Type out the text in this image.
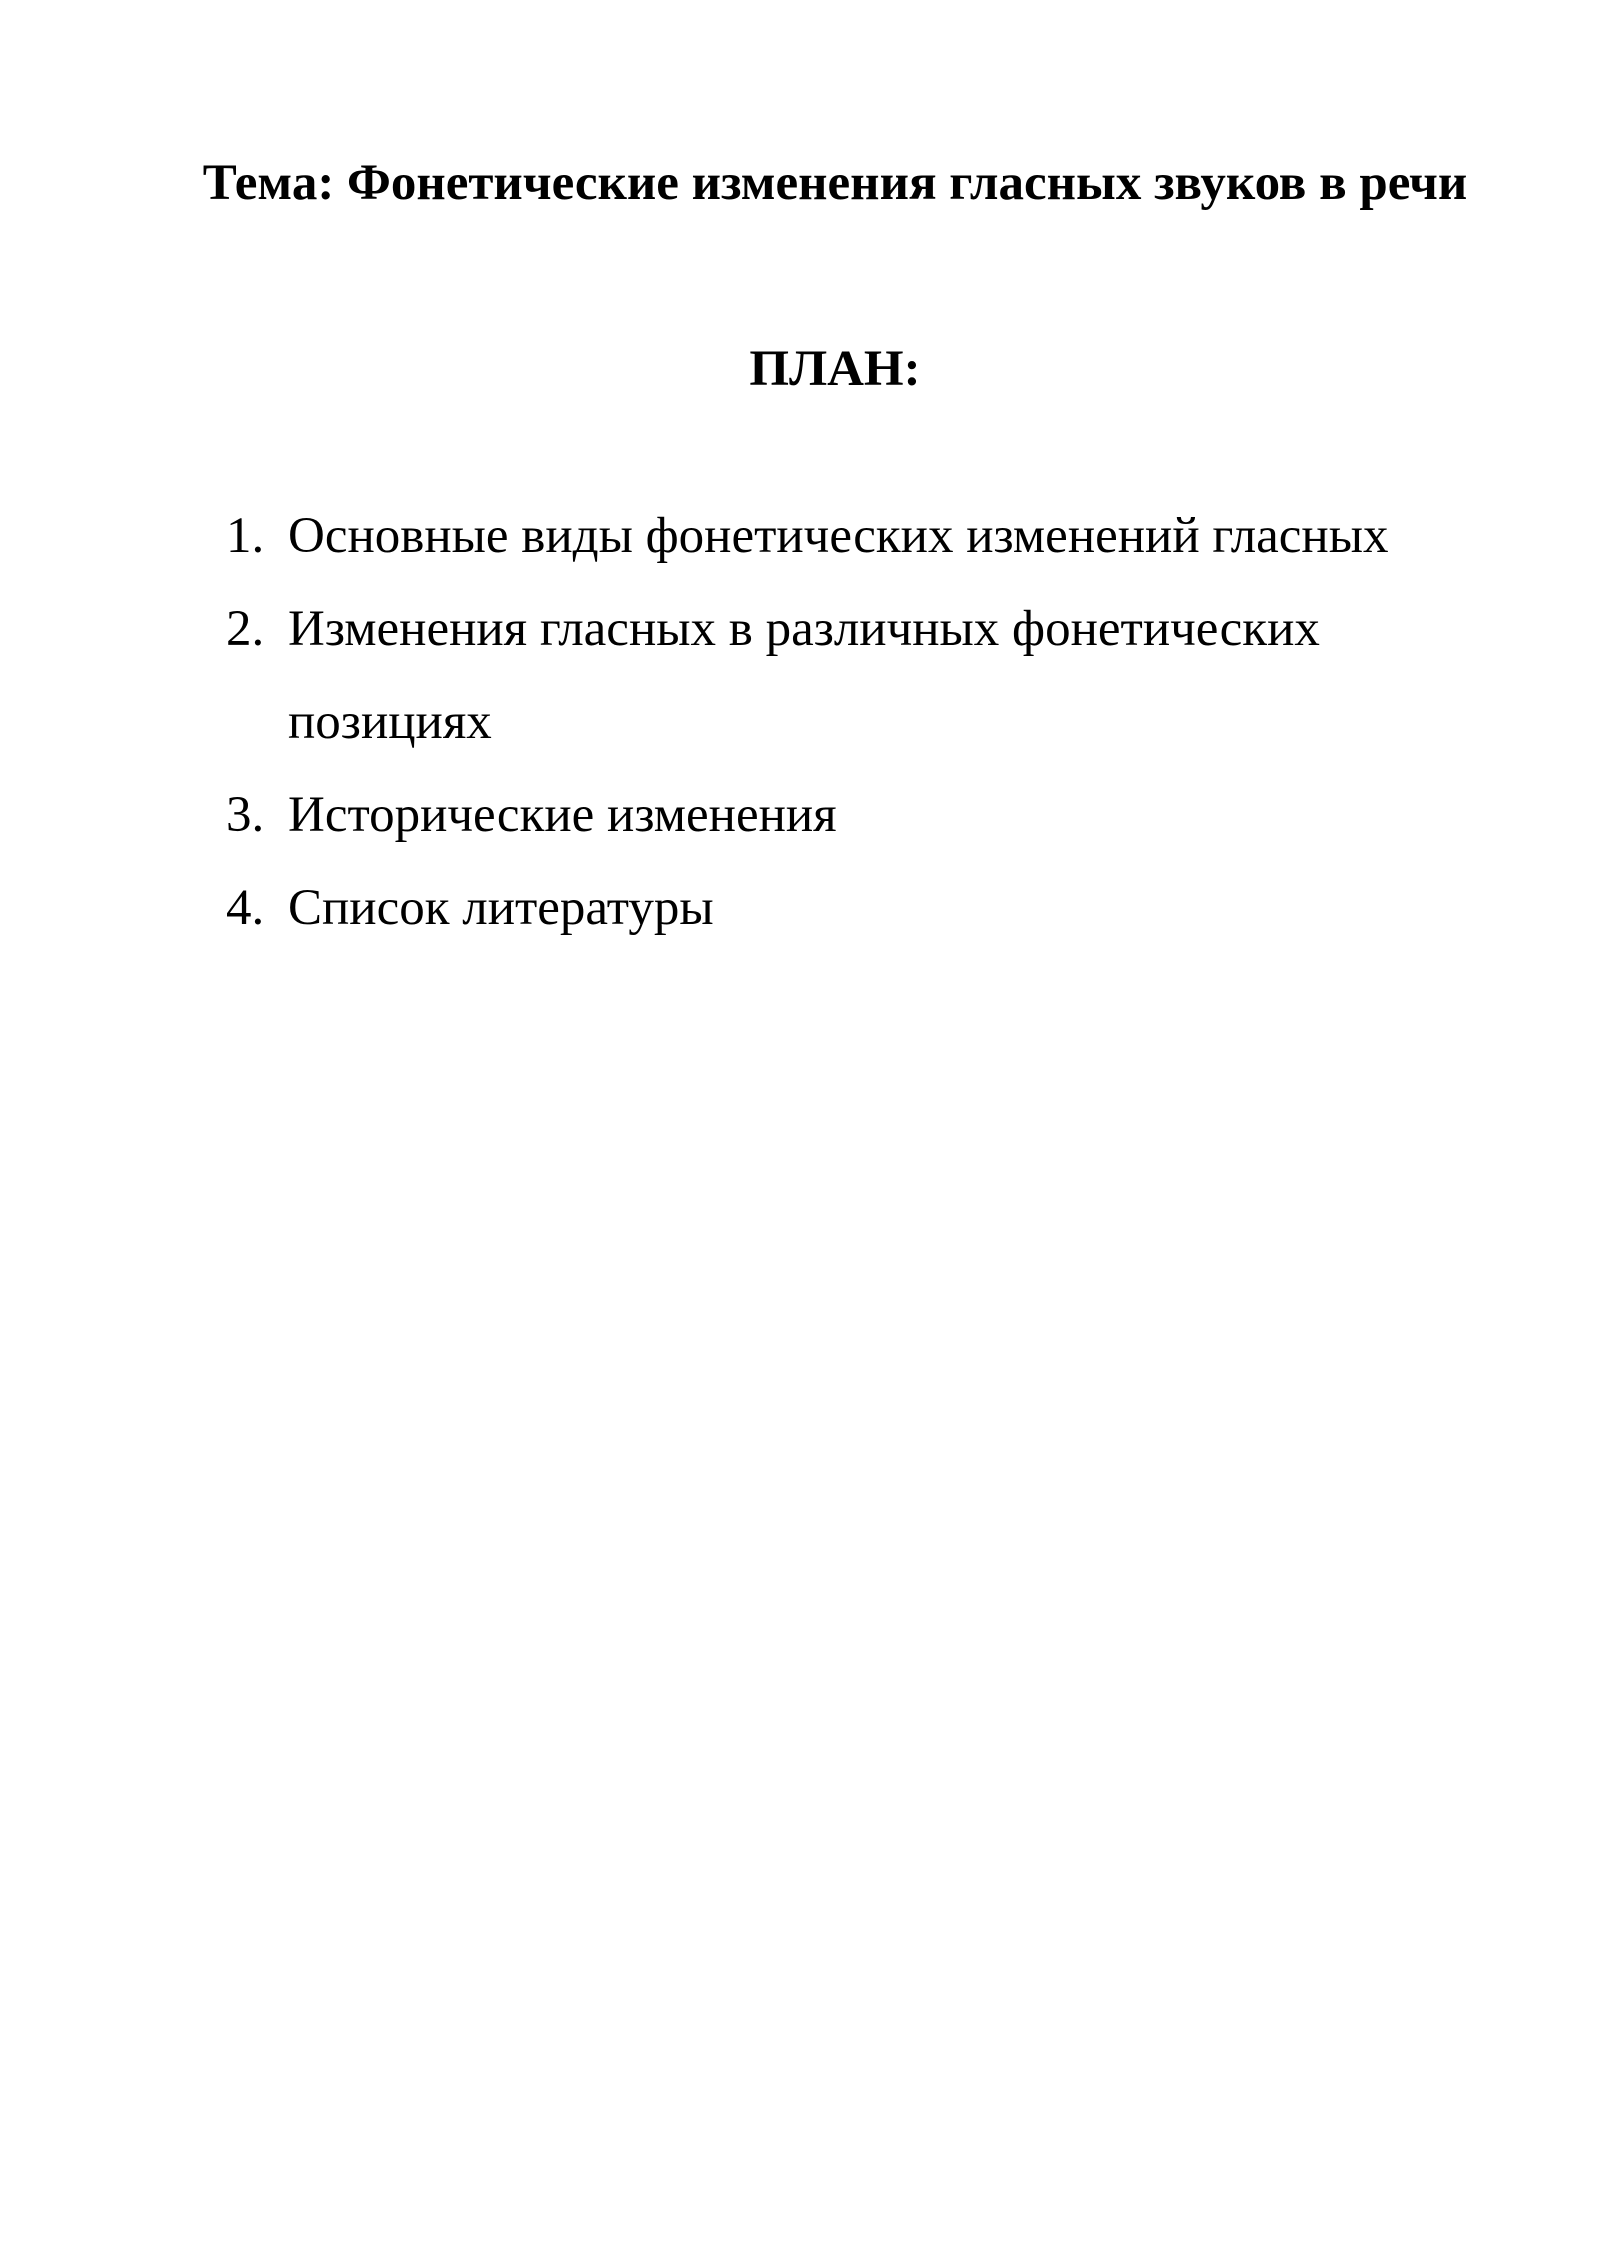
Тема: Фонетические изменения гласных звуков в речи
ПЛАН:
1. Основные виды фонетических изменений гласных
2. Изменения гласных в различных фонетических позициях
3. Исторические изменения
4. Список литературы
